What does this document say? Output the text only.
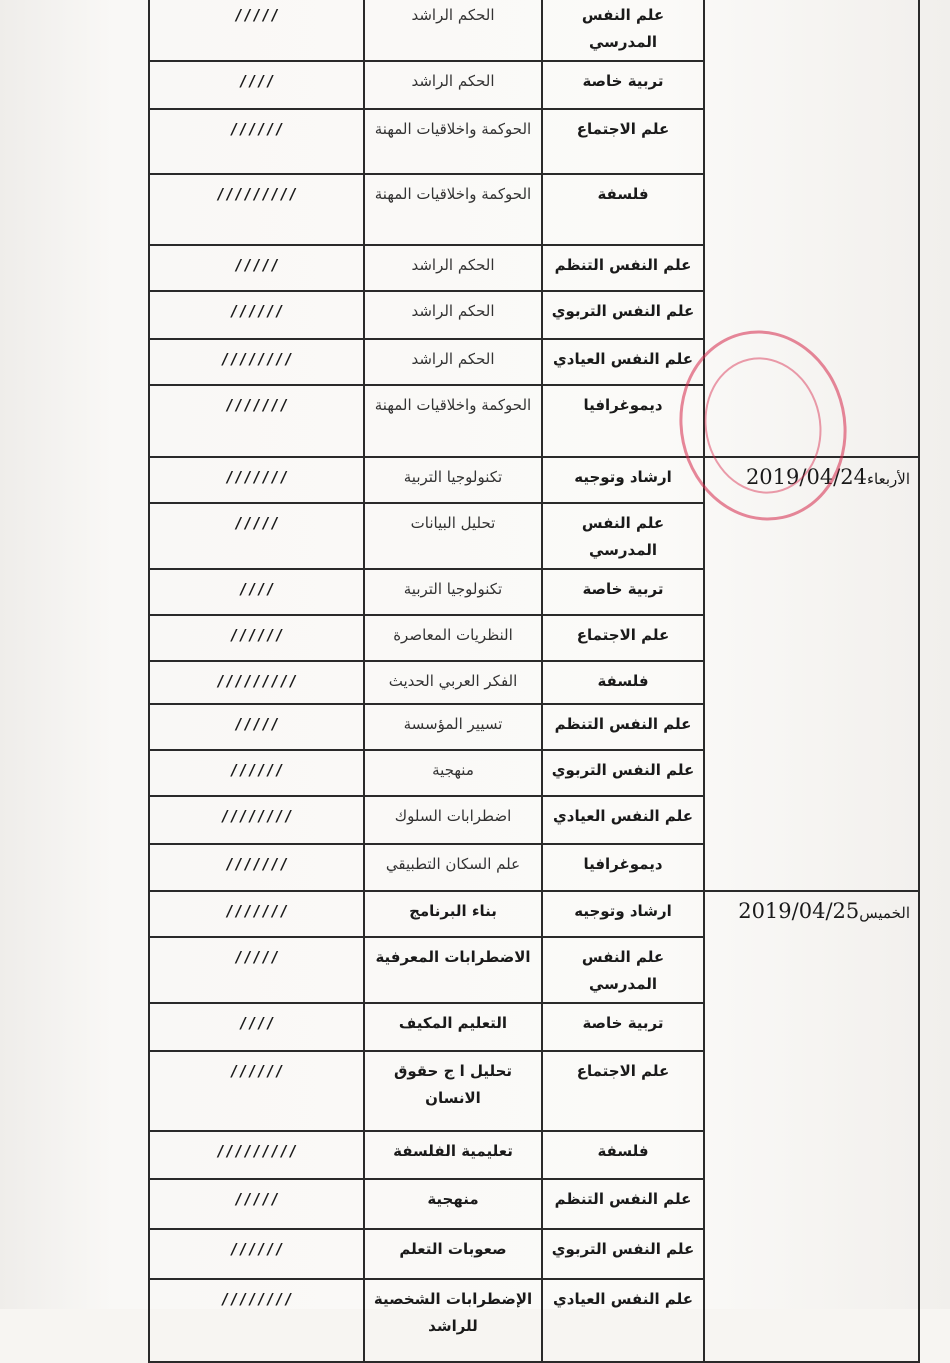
	علم النفس المدرسي	الحكم الراشد	/////
	تربية خاصة	الحكم الراشد	////
	علم الاجتماع	الحوكمة واخلاقيات المهنة	//////
	فلسفة	الحوكمة واخلاقيات المهنة	/////////
	علم النفس التنظم	الحكم الراشد	/////
	علم النفس التربوي	الحكم الراشد	//////
	علم النفس العيادي	الحكم الراشد	////////
	ديموغرافيا	الحوكمة واخلاقيات المهنة	///////
الأربعاء2019/04/24	ارشاد وتوجيه	تكنولوجيا التربية	///////
	علم النفس المدرسي	تحليل البيانات	/////
	تربية خاصة	تكنولوجيا التربية	////
	علم الاجتماع	النظريات المعاصرة	//////
	فلسفة	الفكر العربي الحديث	/////////
	علم النفس التنظم	تسيير المؤسسة	/////
	علم النفس التربوي	منهجية	//////
	علم النفس العيادي	اضطرابات السلوك	////////
	ديموغرافيا	علم السكان التطبيقي	///////
الخميس2019/04/25	ارشاد وتوجيه	بناء البرنامج	///////
	علم النفس المدرسي	الاضطرابات المعرفية	/////
	تربية خاصة	التعليم المكيف	////
	علم الاجتماع	تحليل ا ج حقوق الانسان	//////
	فلسفة	تعليمية الفلسفة	/////////
	علم النفس التنظم	منهجية	/////
	علم النفس التربوي	صعوبات التعلم	//////
	علم النفس العيادي	الإضطرابات الشخصية للراشد	////////
